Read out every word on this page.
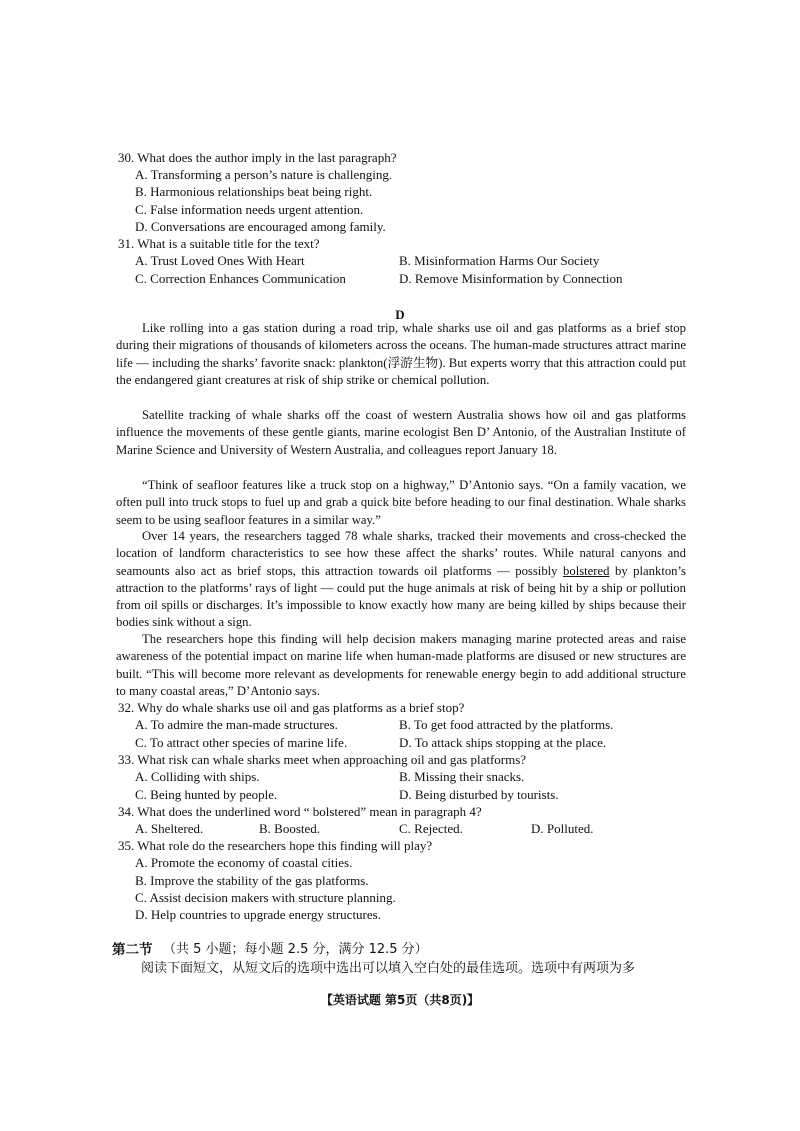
30. What does the author imply in the last paragraph?
A. Transforming a person’s nature is challenging.
B. Harmonious relationships beat being right.
C. False information needs urgent attention.
D. Conversations are encouraged among family.
31. What is a suitable title for the text?
A. Trust Loved Ones With Heart	B. Misinformation Harms Our Society
C. Correction Enhances Communication	D. Remove Misinformation by Connection
D

Like rolling into a gas station during a road trip, whale sharks use oil and gas platforms as a brief stop during their migrations of thousands of kilometers across the oceans. The human-made structures attract marine life — including the sharks’ favorite snack: plankton(浮游生物). But experts worry that this attraction could put the endangered giant creatures at risk of ship strike or chemical pollution.

Satellite tracking of whale sharks off the coast of western Australia shows how oil and gas platforms influence the movements of these gentle giants, marine ecologist Ben D’ Antonio, of the Australian Institute of Marine Science and University of Western Australia, and colleagues report January 18.

“Think of seafloor features like a truck stop on a highway,” D’Antonio says. “On a family vacation, we often pull into truck stops to fuel up and grab a quick bite before heading to our final destination. Whale sharks seem to be using seafloor features in a similar way.”

Over 14 years, the researchers tagged 78 whale sharks, tracked their movements and cross-checked the location of landform characteristics to see how these affect the sharks’ routes. While natural canyons and seamounts also act as brief stops, this attraction towards oil platforms — possibly bolstered by plankton’s attraction to the platforms’ rays of light — could put the huge animals at risk of being hit by a ship or pollution from oil spills or discharges. It’s impossible to know exactly how many are being killed by ships because their bodies sink without a sign.

The researchers hope this finding will help decision makers managing marine protected areas and raise awareness of the potential impact on marine life when human-made platforms are disused or new structures are built. “This will become more relevant as developments for renewable energy begin to add additional structure to many coastal areas,” D’Antonio says.

32. Why do whale sharks use oil and gas platforms as a brief stop?
A. To admire the man-made structures.	B. To get food attracted by the platforms.
C. To attract other species of marine life.	D. To attack ships stopping at the place.
33. What risk can whale sharks meet when approaching oil and gas platforms?
A. Colliding with ships.	B. Missing their snacks.
C. Being hunted by people.	D. Being disturbed by tourists.
34. What does the underlined word “ bolstered” mean in paragraph 4?
A. Sheltered.	B. Boosted.	C. Rejected.	D. Polluted.
35. What role do the researchers hope this finding will play?
A. Promote the economy of coastal cities.
B. Improve the stability of the gas platforms.
C. Assist decision makers with structure planning.
D. Help countries to upgrade energy structures.
第二节 （共 5 小题；每小题 2.5 分，满分 12.5 分）
阅读下面短文，从短文后的选项中选出可以填入空白处的最佳选项。选项中有两项为多
【英语试题 第5页（共8页)】
